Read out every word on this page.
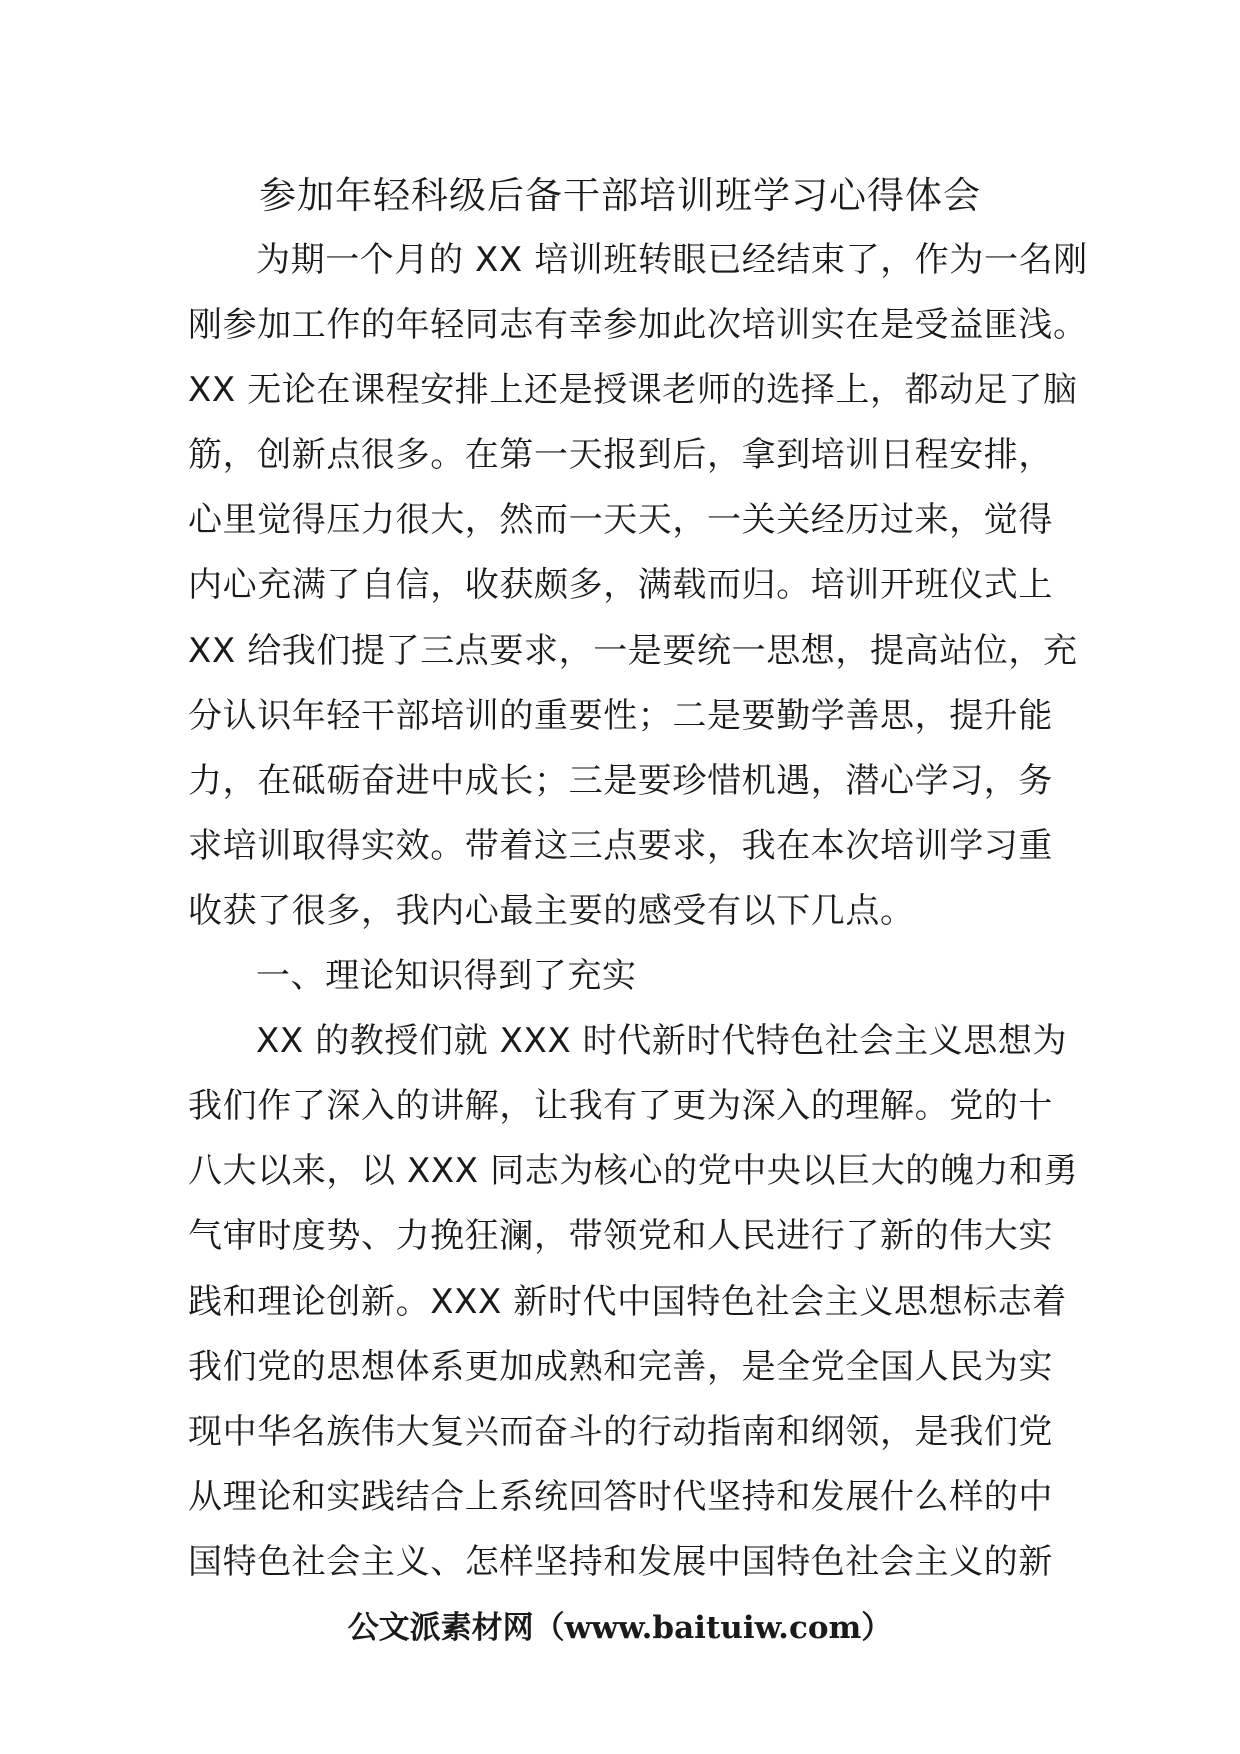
参加年轻科级后备干部培训班学习心得体会
为期一个月的 XX 培训班转眼已经结束了，作为一名刚
刚参加工作的年轻同志有幸参加此次培训实在是受益匪浅。
XX 无论在课程安排上还是授课老师的选择上，都动足了脑
筋，创新点很多。在第一天报到后，拿到培训日程安排，
心里觉得压力很大，然而一天天，一关关经历过来，觉得
内心充满了自信，收获颇多，满载而归。培训开班仪式上
XX 给我们提了三点要求，一是要统一思想，提高站位，充
分认识年轻干部培训的重要性；二是要勤学善思，提升能
力，在砥砺奋进中成长；三是要珍惜机遇，潜心学习，务
求培训取得实效。带着这三点要求，我在本次培训学习重
收获了很多，我内心最主要的感受有以下几点。
一、理论知识得到了充实
XX 的教授们就 XXX 时代新时代特色社会主义思想为
我们作了深入的讲解，让我有了更为深入的理解。党的十
八大以来，以 XXX 同志为核心的党中央以巨大的魄力和勇
气审时度势、力挽狂澜，带领党和人民进行了新的伟大实
践和理论创新。XXX 新时代中国特色社会主义思想标志着
我们党的思想体系更加成熟和完善，是全党全国人民为实
现中华名族伟大复兴而奋斗的行动指南和纲领，是我们党
从理论和实践结合上系统回答时代坚持和发展什么样的中
国特色社会主义、怎样坚持和发展中国特色社会主义的新
公文派素材网（www.baituiw.com）
